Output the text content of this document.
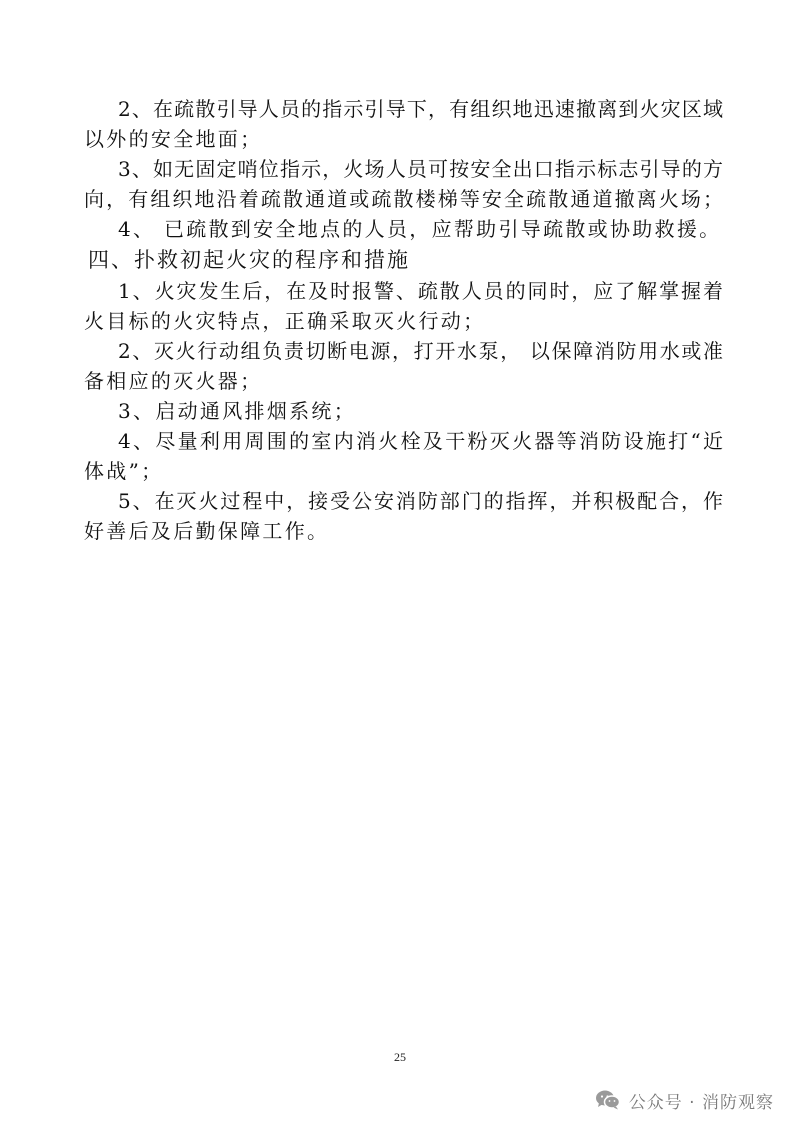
2、在疏散引导人员的指示引导下，有组织地迅速撤离到火灾区域
以外的安全地面；
3、如无固定哨位指示，火场人员可按安全出口指示标志引导的方
向，有组织地沿着疏散通道或疏散楼梯等安全疏散通道撤离火场；
4、 已疏散到安全地点的人员，应帮助引导疏散或协助救援。
四、扑救初起火灾的程序和措施
1、火灾发生后，在及时报警、疏散人员的同时，应了解掌握着
火目标的火灾特点，正确采取灭火行动；
2、灭火行动组负责切断电源，打开水泵， 以保障消防用水或准
备相应的灭火器；
3、启动通风排烟系统；
4、尽量利用周围的室内消火栓及干粉灭火器等消防设施打“近
体战”；
5、在灭火过程中，接受公安消防部门的指挥，并积极配合，作
好善后及后勤保障工作。
25
公众号 · 消防观察
